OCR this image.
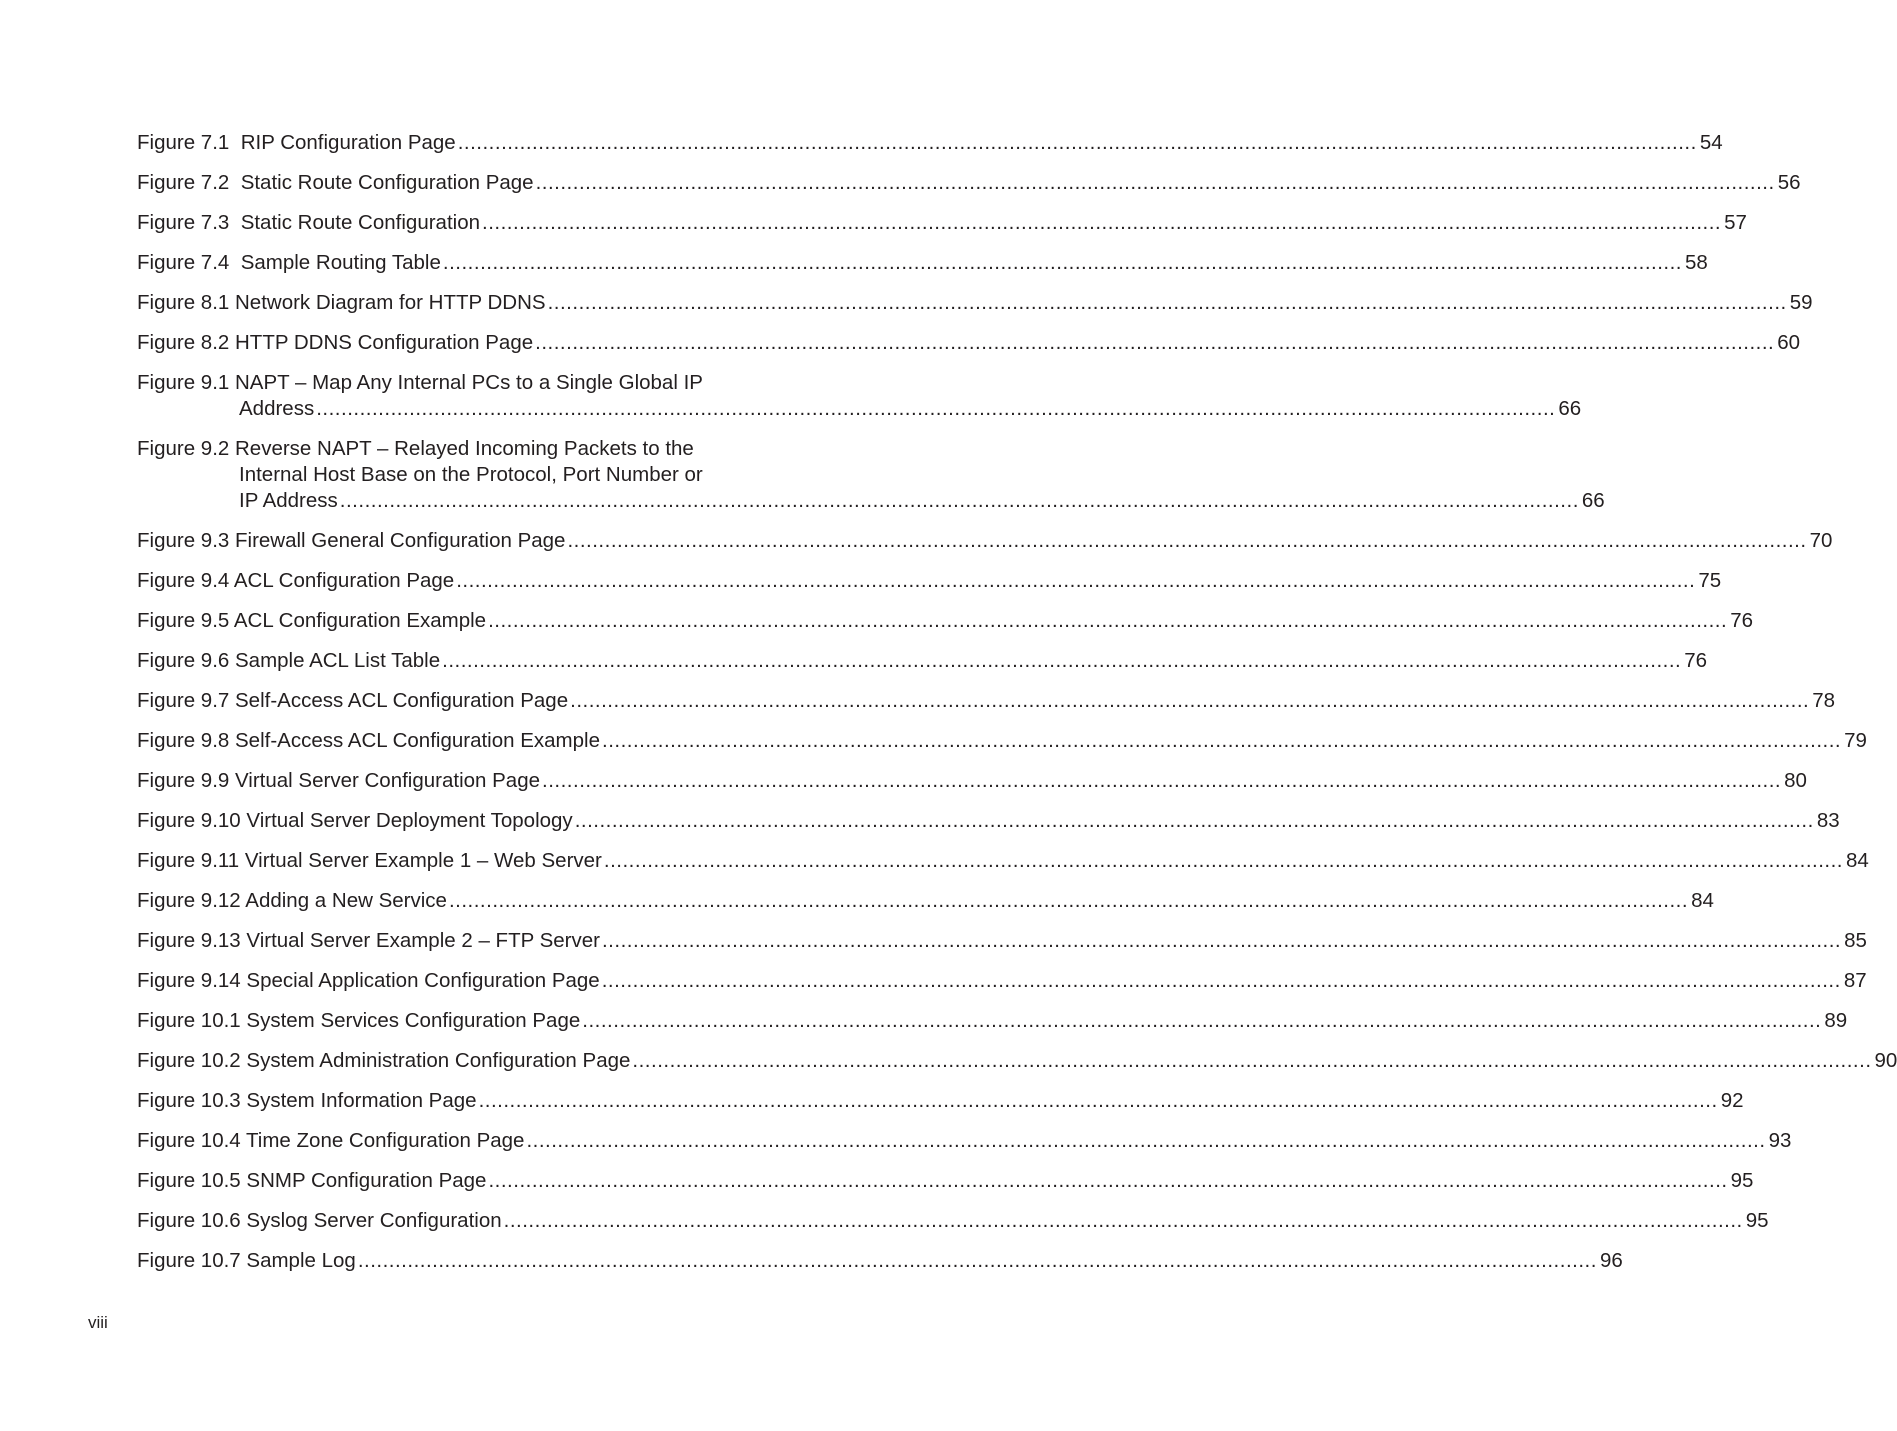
Figure 7.1  RIP Configuration Page .....	54
Figure 7.2  Static Route Configuration Page .....	56
Figure 7.3  Static Route Configuration .....	57
Figure 7.4  Sample Routing Table .....	58
Figure 8.1 Network Diagram for HTTP DDNS .....	59
Figure 8.2 HTTP DDNS Configuration Page .....	60
Figure 9.1 NAPT – Map Any Internal PCs to a Single Global IP
Address .....	66
Figure 9.2 Reverse NAPT – Relayed Incoming Packets to the
Internal Host Base on the Protocol, Port Number or
IP Address .....	66
Figure 9.3 Firewall General Configuration Page .....	70
Figure 9.4 ACL Configuration Page .....	75
Figure 9.5 ACL Configuration Example .....	76
Figure 9.6 Sample ACL List Table .....	76
Figure 9.7 Self-Access ACL Configuration Page .....	78
Figure 9.8 Self-Access ACL Configuration Example .....	79
Figure 9.9 Virtual Server Configuration Page .....	80
Figure 9.10 Virtual Server Deployment Topology .....	83
Figure 9.11 Virtual Server Example 1 – Web Server .....	84
Figure 9.12 Adding a New Service .....	84
Figure 9.13 Virtual Server Example 2 – FTP Server .....	85
Figure 9.14 Special Application Configuration Page .....	87
Figure 10.1 System Services Configuration Page .....	89
Figure 10.2 System Administration Configuration Page .....	90
Figure 10.3 System Information Page .....	92
Figure 10.4 Time Zone Configuration Page .....	93
Figure 10.5 SNMP Configuration Page .....	95
Figure 10.6 Syslog Server Configuration .....	95
Figure 10.7 Sample Log .....	96
viii
